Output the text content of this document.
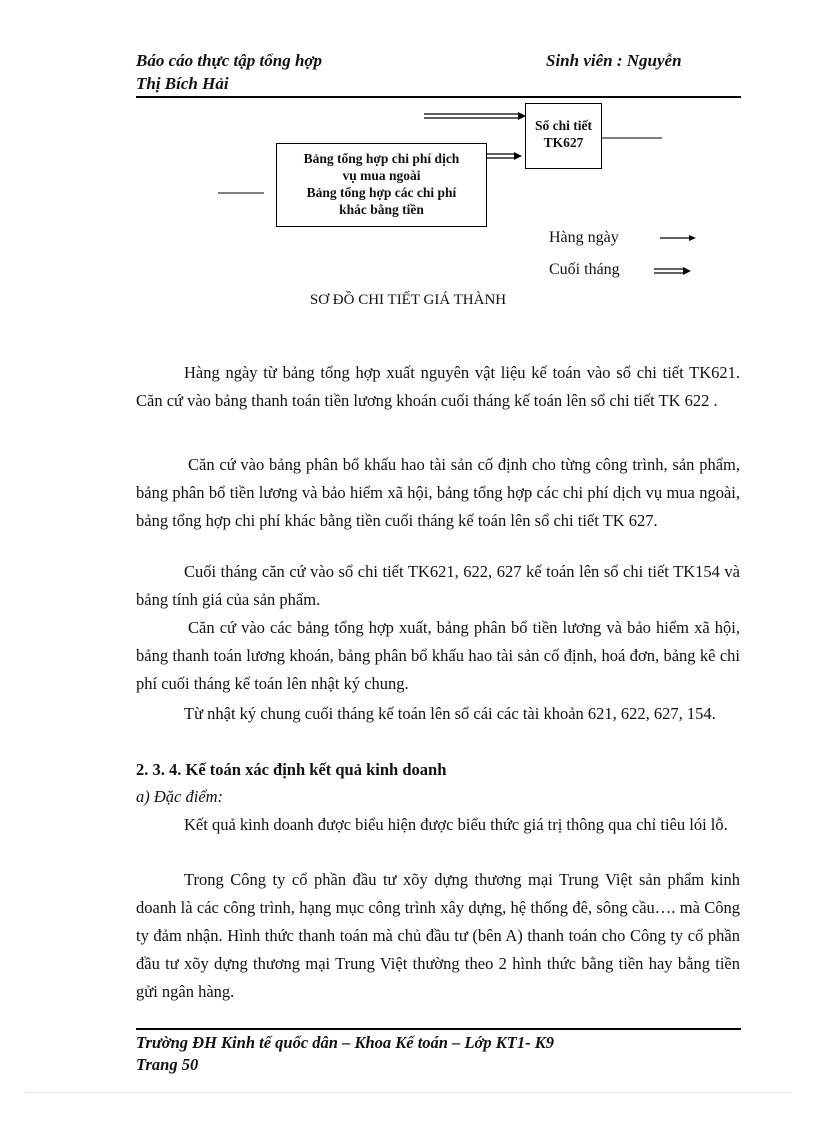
Báo cáo thực tập tổng hợp	Sinh viên : Nguyễn
Thị Bích Hải
Sổ chi tiết
TK627
Bảng tổng hợp chi phí dịch
vụ mua ngoài
Bảng tổng hợp các chi phí
khác bằng tiền
Hàng ngày
Cuối tháng
SƠ ĐỒ CHI TIẾT GIÁ THÀNH

Hàng ngày từ bảng tổng hợp xuất nguyên vật liệu kế toán vào sổ chi tiết TK621. Căn cứ vào bảng thanh toán tiền lương khoán cuối tháng kế toán lên sổ chi tiết TK 622 .

Căn cứ vào bảng phân bổ khấu hao tài sản cố định cho từng công trình, sản phẩm, bảng phân bổ tiền lương và bảo hiểm xã hội, bảng tổng hợp các chi phí dịch vụ mua ngoài, bảng tổng hợp chi phí khác bằng tiền cuối tháng kế toán lên sổ chi tiết TK 627.

Cuối tháng căn cứ vào sổ chi tiết TK621, 622, 627 kế toán lên sổ chi tiết TK154 và bảng tính giá của sản phẩm.

Căn cứ vào các bảng tổng hợp xuất, bảng phân bổ tiền lương và bảo hiểm xã hội, bảng thanh toán lương khoán, bảng phân bổ khấu hao tài sản cố định, hoá đơn, bảng kê chi phí cuối tháng kế toán lên nhật ký chung.

Từ nhật ký chung cuối tháng kế toán lên sổ cái các tài khoản 621, 622, 627, 154.

2. 3. 4. Kế toán xác định kết quả kinh doanh
a) Đặc điểm:

Kết quả kinh doanh được biểu hiện được biểu thức giá trị thông qua chỉ tiêu lói lỗ.

Trong Công ty cổ phần đầu tư xõy dựng thương mại Trung Việt sản phẩm kinh doanh là các công trình, hạng mục công trình xây dựng, hệ thống đê, sông cầu…. mà Công ty đảm nhận. Hình thức thanh toán mà chủ đầu tư (bên A) thanh toán cho Công ty cổ phần đầu tư xõy dựng thương mại Trung Việt thường theo 2 hình thức bằng tiền hay bằng tiền gửi ngân hàng.

Trường ĐH Kinh tế quốc dân – Khoa Kế toán – Lớp KT1- K9
Trang 50
